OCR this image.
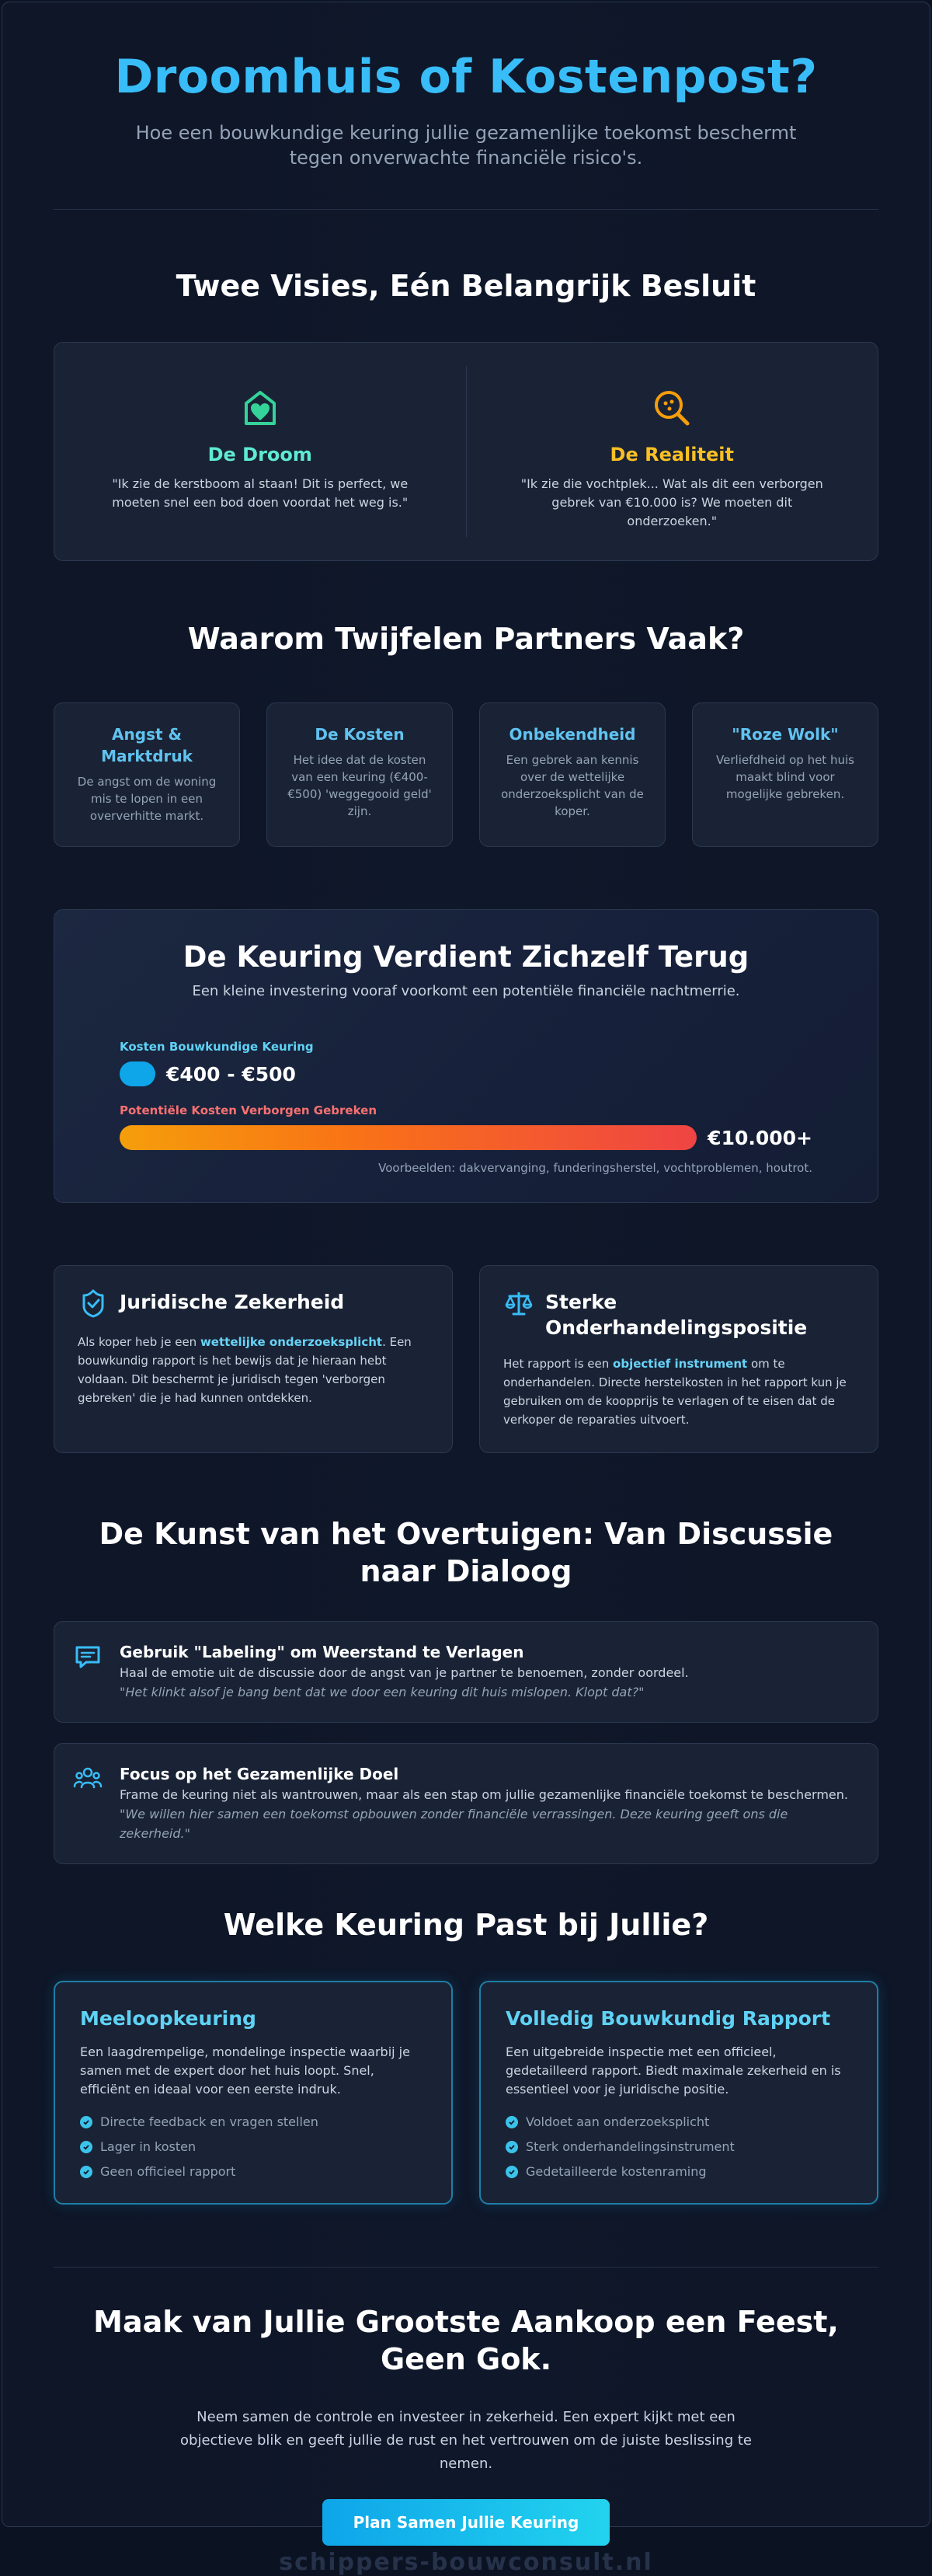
Droomhuis of Kostenpost?

Hoe een bouwkundige keuring jullie gezamenlijke toekomst beschermt tegen onverwachte financiële risico's.

Twee Visies, Eén Belangrijk Besluit
De Droom

"Ik zie de kerstboom al staan! Dit is perfect, we moeten snel een bod doen voordat het weg is."

De Realiteit

"Ik zie die vochtplek... Wat als dit een verborgen gebrek van €10.000 is? We moeten dit onderzoeken."

Waarom Twijfelen Partners Vaak?
Angst & Marktdruk

De angst om de woning mis te lopen in een oververhitte markt.

De Kosten

Het idee dat de kosten van een keuring (€400-€500) 'weggegooid geld' zijn.

Onbekendheid

Een gebrek aan kennis over de wettelijke onderzoeksplicht van de koper.

"Roze Wolk"

Verliefdheid op het huis maakt blind voor mogelijke gebreken.

De Keuring Verdient Zichzelf Terug
Een kleine investering vooraf voorkomt een potentiële financiële nachtmerrie.
Kosten Bouwkundige Keuring
€400 - €500
Potentiële Kosten Verborgen Gebreken
€10.000+
Voorbeelden: dakvervanging, funderingsherstel, vochtproblemen, houtrot.
Juridische Zekerheid

Als koper heb je een wettelijke onderzoeksplicht. Een bouwkundig rapport is het bewijs dat je hieraan hebt voldaan. Dit beschermt je juridisch tegen 'verborgen gebreken' die je had kunnen ontdekken.

Sterke Onderhandelingspositie

Het rapport is een objectief instrument om te onderhandelen. Directe herstelkosten in het rapport kun je gebruiken om de koopprijs te verlagen of te eisen dat de verkoper de reparaties uitvoert.

De Kunst van het Overtuigen: Van Discussie naar Dialoog
Gebruik "Labeling" om Weerstand te Verlagen

Haal de emotie uit de discussie door de angst van je partner te benoemen, zonder oordeel.

"Het klinkt alsof je bang bent dat we door een keuring dit huis mislopen. Klopt dat?"
Focus op het Gezamenlijke Doel

Frame de keuring niet als wantrouwen, maar als een stap om jullie gezamenlijke financiële toekomst te beschermen.

"We willen hier samen een toekomst opbouwen zonder financiële verrassingen. Deze keuring geeft ons die zekerheid."
Welke Keuring Past bij Jullie?
Meeloopkeuring

Een laagdrempelige, mondelinge inspectie waarbij je samen met de expert door het huis loopt. Snel, efficiënt en ideaal voor een eerste indruk.

Directe feedback en vragen stellen
Lager in kosten
Geen officieel rapport
Volledig Bouwkundig Rapport

Een uitgebreide inspectie met een officieel, gedetailleerd rapport. Biedt maximale zekerheid en is essentieel voor je juridische positie.

Voldoet aan onderzoeksplicht
Sterk onderhandelingsinstrument
Gedetailleerde kostenraming
Maak van Jullie Grootste Aankoop een Feest, Geen Gok.

Neem samen de controle en investeer in zekerheid. Een expert kijkt met een objectieve blik en geeft jullie de rust en het vertrouwen om de juiste beslissing te nemen.

Plan Samen Jullie Keuring
schippers-bouwconsult.nl
